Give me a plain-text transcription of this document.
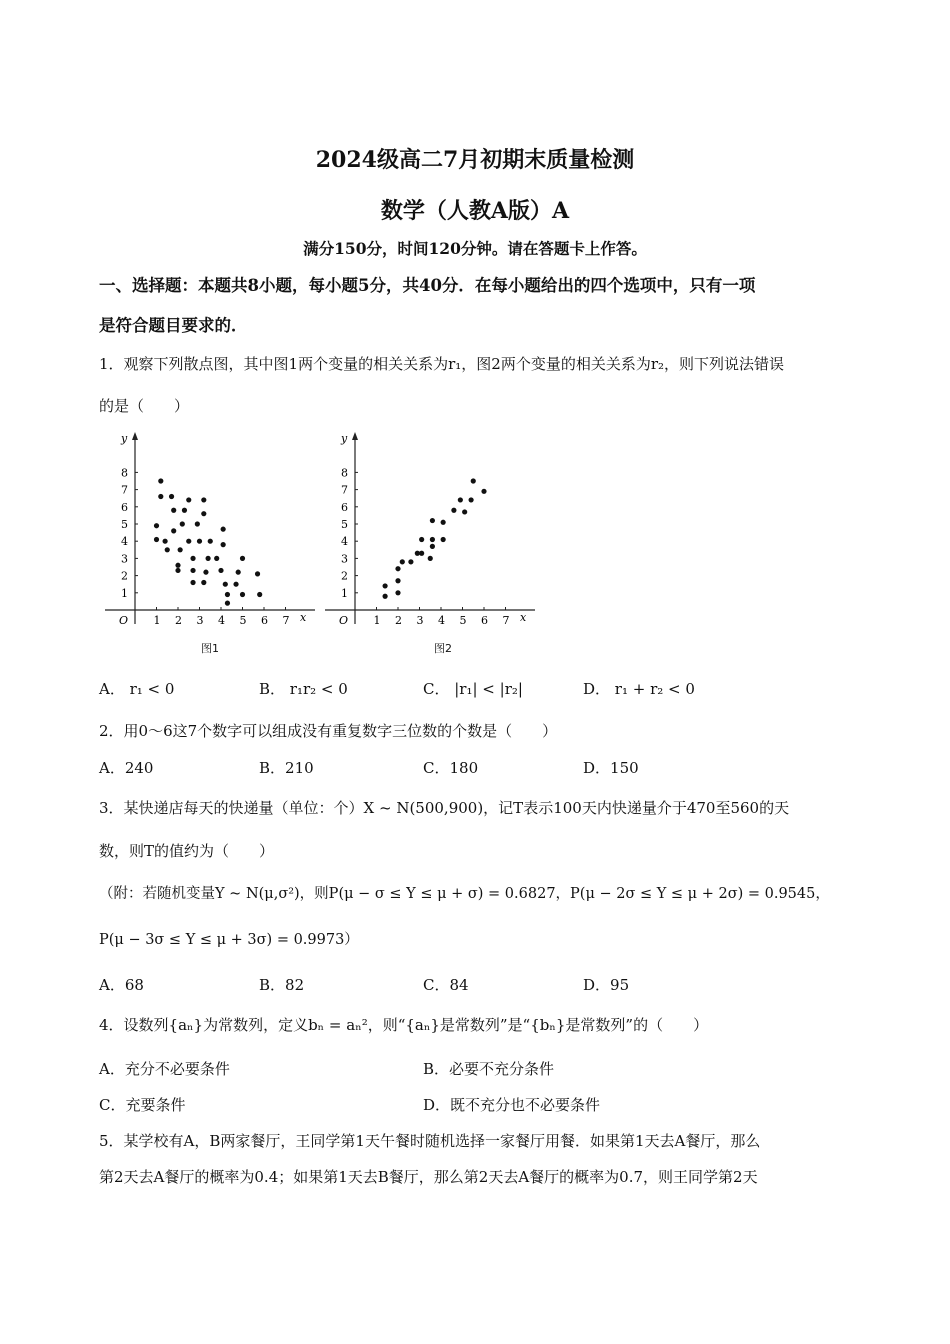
2024级高二7月初期末质量检测
数学（人教A版）A
满分150分，时间120分钟。请在答题卡上作答。
一、选择题：本题共8小题，每小题5分，共40分．在每小题给出的四个选项中，只有一项
是符合题目要求的．
1．观察下列散点图，其中图1两个变量的相关关系为r₁，图2两个变量的相关关系为r₂，则下列说法错误
的是（　　）
y
x
O
1
1
2
2
3
3
4
4
5
5
6
6
7
7
8
图1
y
x
O
1
1
2
2
3
3
4
4
5
5
6
6
7
7
8
图2
A． r₁ < 0	B． r₁r₂ < 0	C． |r₁| < |r₂|	D． r₁ + r₂ < 0
2．用0～6这7个数字可以组成没有重复数字三位数的个数是（　　）
A．240	B．210	C．180	D．150
3．某快递店每天的快递量（单位：个）X ~ N(500,900)，记T表示100天内快递量介于470至560的天
数，则T的值约为（　　）
（附：若随机变量Y ~ N(μ,σ²)，则P(μ − σ ≤ Y ≤ μ + σ) = 0.6827，P(μ − 2σ ≤ Y ≤ μ + 2σ) = 0.9545，
P(μ − 3σ ≤ Y ≤ μ + 3σ) = 0.9973）
A．68	B．82	C．84	D．95
4．设数列{aₙ}为常数列，定义bₙ = aₙ²，则“{aₙ}是常数列”是“{bₙ}是常数列”的（　　）
A．充分不必要条件	B．必要不充分条件
C．充要条件	D．既不充分也不必要条件
5．某学校有A，B两家餐厅，王同学第1天午餐时随机选择一家餐厅用餐．如果第1天去A餐厅，那么
第2天去A餐厅的概率为0.4；如果第1天去B餐厅，那么第2天去A餐厅的概率为0.7，则王同学第2天
